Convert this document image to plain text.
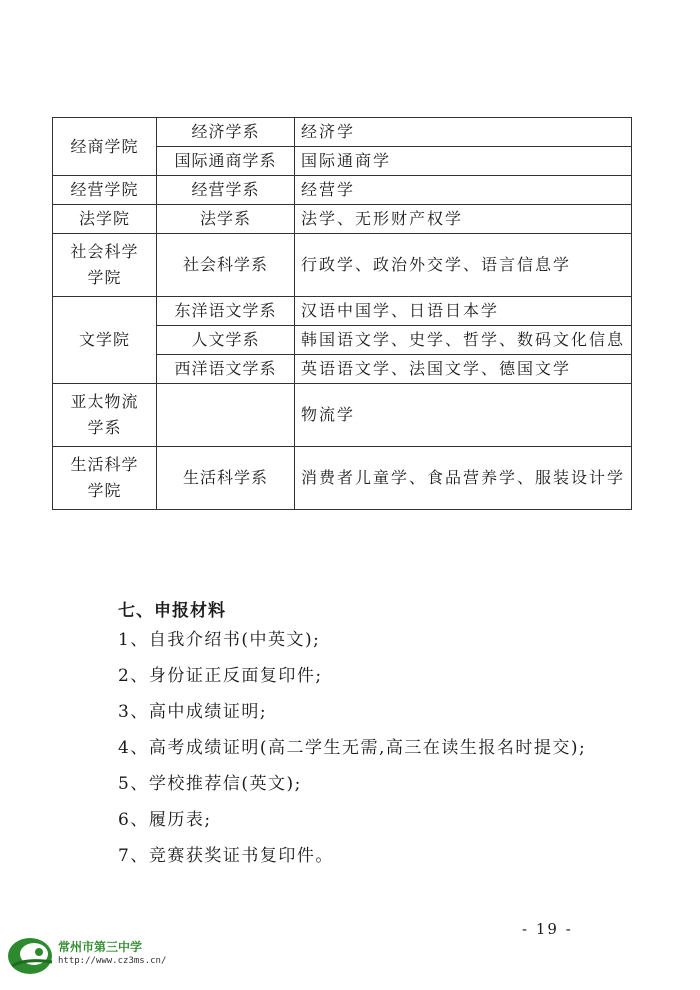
经商学院	经济学系	经济学
	国际通商学系	国际通商学
经营学院	经营学系	经营学
法学院	法学系	法学、无形财产权学
社会科学学院	社会科学系	行政学、政治外交学、语言信息学
文学院	东洋语文学系	汉语中国学、日语日本学
	人文学系	韩国语文学、史学、哲学、数码文化信息
	西洋语文学系	英语语文学、法国文学、德国文学
亚太物流学系		物流学
生活科学学院	生活科学系	消费者儿童学、食品营养学、服装设计学
七、申报材料
1、自我介绍书(中英文);
2、身份证正反面复印件;
3、高中成绩证明;
4、高考成绩证明(高二学生无需,高三在读生报名时提交);
5、学校推荐信(英文);
6、履历表;
7、竞赛获奖证书复印件。
- 19 -
常州市第三中学
http://www.cz3ms.cn/
